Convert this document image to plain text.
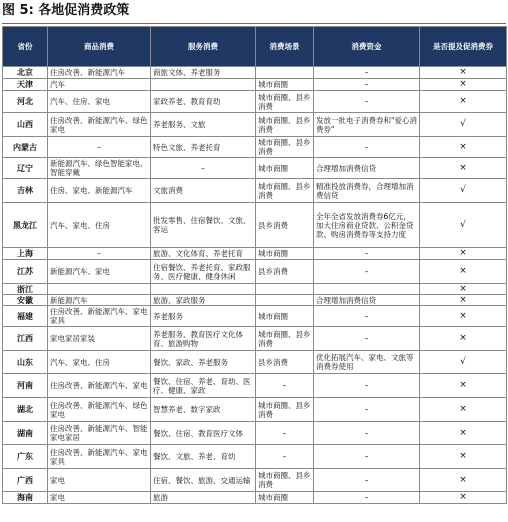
图 5: 各地促消费政策
省份	商品消费	服务消费	消费场景	消费资金	是否提及促消费券
北京	住房改善、新能源汽车	商旅文体、养老服务		–	×
天津	汽车		城市商圈	–	×
河北	汽车、住房、家电	家政养老、教育育幼	城市商圈、县乡消费	–	×
山西	住房改善、新能源汽车、绿色家电	养老服务、文旅	城市商圈、县乡消费	发放一批电子消费券和"爱心消费券"	√
内蒙古	–	特色文旅、养老托育	城市商圈、县乡消费	–	×
辽宁	新能源汽车、绿色智能家电、智能穿戴	–	城市商圈	合理增加消费信贷	×
吉林	住房、家电、新能源汽车	文旅消费	城市商圈、县乡消费	精准投放消费券，合理增加消费信贷	√
黑龙江	汽车、家电、住房	批发零售、住宿餐饮、文旅、客运	县乡消费	全年全省发放消费券6亿元，加大住房商业贷款、公积金贷款、购房消费券等支持力度	√
上海	–	旅游、文化体育、养老托育	城市商圈	–	×
江苏	新能源汽车、家电	住宿餐饮、养老托育、家政服务、医疗健康、健身休闲	县乡消费	–	×
浙江					×
安徽	新能源汽车	旅游、家政服务		合理增加消费信贷	×
福建	住房改善、新能源汽车、家电家具	养老服务	城市商圈	–	×
江西	家电家居家装	养老服务、教育医疗文化体育、旅游购物	城市商圈、县乡消费	–	×
山东	汽车、家电、住房	餐饮、家政、养老服务	县乡消费	优化拓展汽车、家电、文旅等消费券使用	√
河南	住房改善、新能源汽车、家电	餐饮、住宿、养老、育幼、医疗、健康、家政	–	–	×
湖北	住房改善、新能源汽车、绿色家电	智慧养老、数字家政	城市商圈、县乡消费	–	×
湖南	住房改善、新能源汽车、智能家电家居	餐饮、住宿、教育医疗文体	–	–	×
广东	住房改善、新能源汽车、家电家具	餐饮、文旅、养老、育幼	–	–	×
广西	家电	住宿、餐饮、旅游、交通运输	城市商圈、县乡消费	–	×
海南	家电	旅游	城市商圈	–	×
